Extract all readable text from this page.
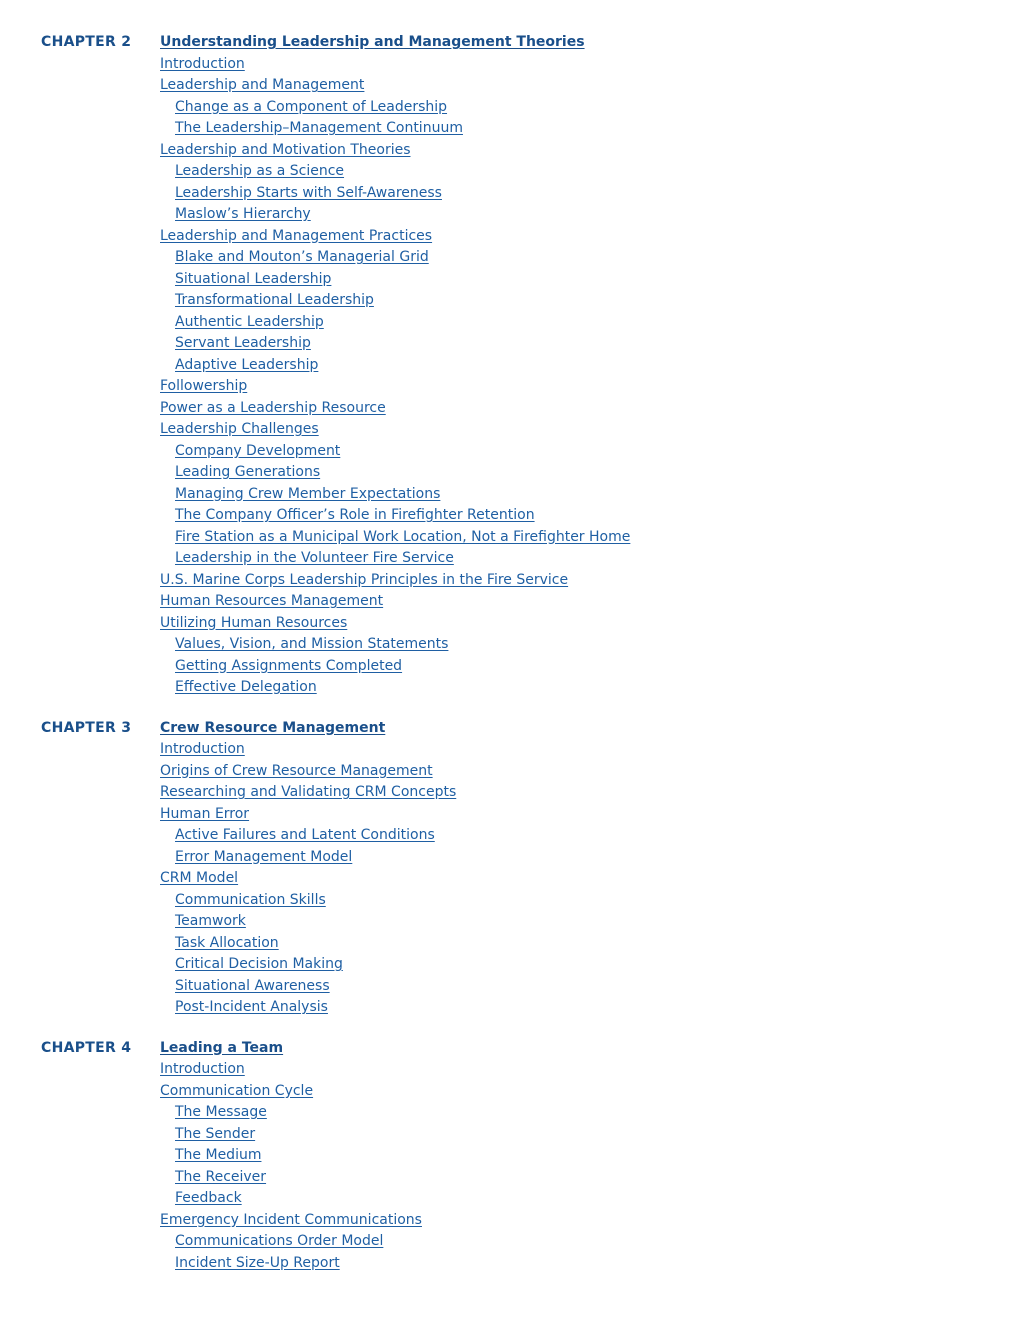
CHAPTER 2 Understanding Leadership and Management Theories
Introduction
Leadership and Management
Change as a Component of Leadership
The Leadership–Management Continuum
Leadership and Motivation Theories
Leadership as a Science
Leadership Starts with Self-Awareness
Maslow’s Hierarchy
Leadership and Management Practices
Blake and Mouton’s Managerial Grid
Situational Leadership
Transformational Leadership
Authentic Leadership
Servant Leadership
Adaptive Leadership
Followership
Power as a Leadership Resource
Leadership Challenges
Company Development
Leading Generations
Managing Crew Member Expectations
The Company Officer’s Role in Firefighter Retention
Fire Station as a Municipal Work Location, Not a Firefighter Home
Leadership in the Volunteer Fire Service
U.S. Marine Corps Leadership Principles in the Fire Service
Human Resources Management
Utilizing Human Resources
Values, Vision, and Mission Statements
Getting Assignments Completed
Effective Delegation
CHAPTER 3 Crew Resource Management
Introduction
Origins of Crew Resource Management
Researching and Validating CRM Concepts
Human Error
Active Failures and Latent Conditions
Error Management Model
CRM Model
Communication Skills
Teamwork
Task Allocation
Critical Decision Making
Situational Awareness
Post-Incident Analysis
CHAPTER 4 Leading a Team
Introduction
Communication Cycle
The Message
The Sender
The Medium
The Receiver
Feedback
Emergency Incident Communications
Communications Order Model
Incident Size-Up Report
